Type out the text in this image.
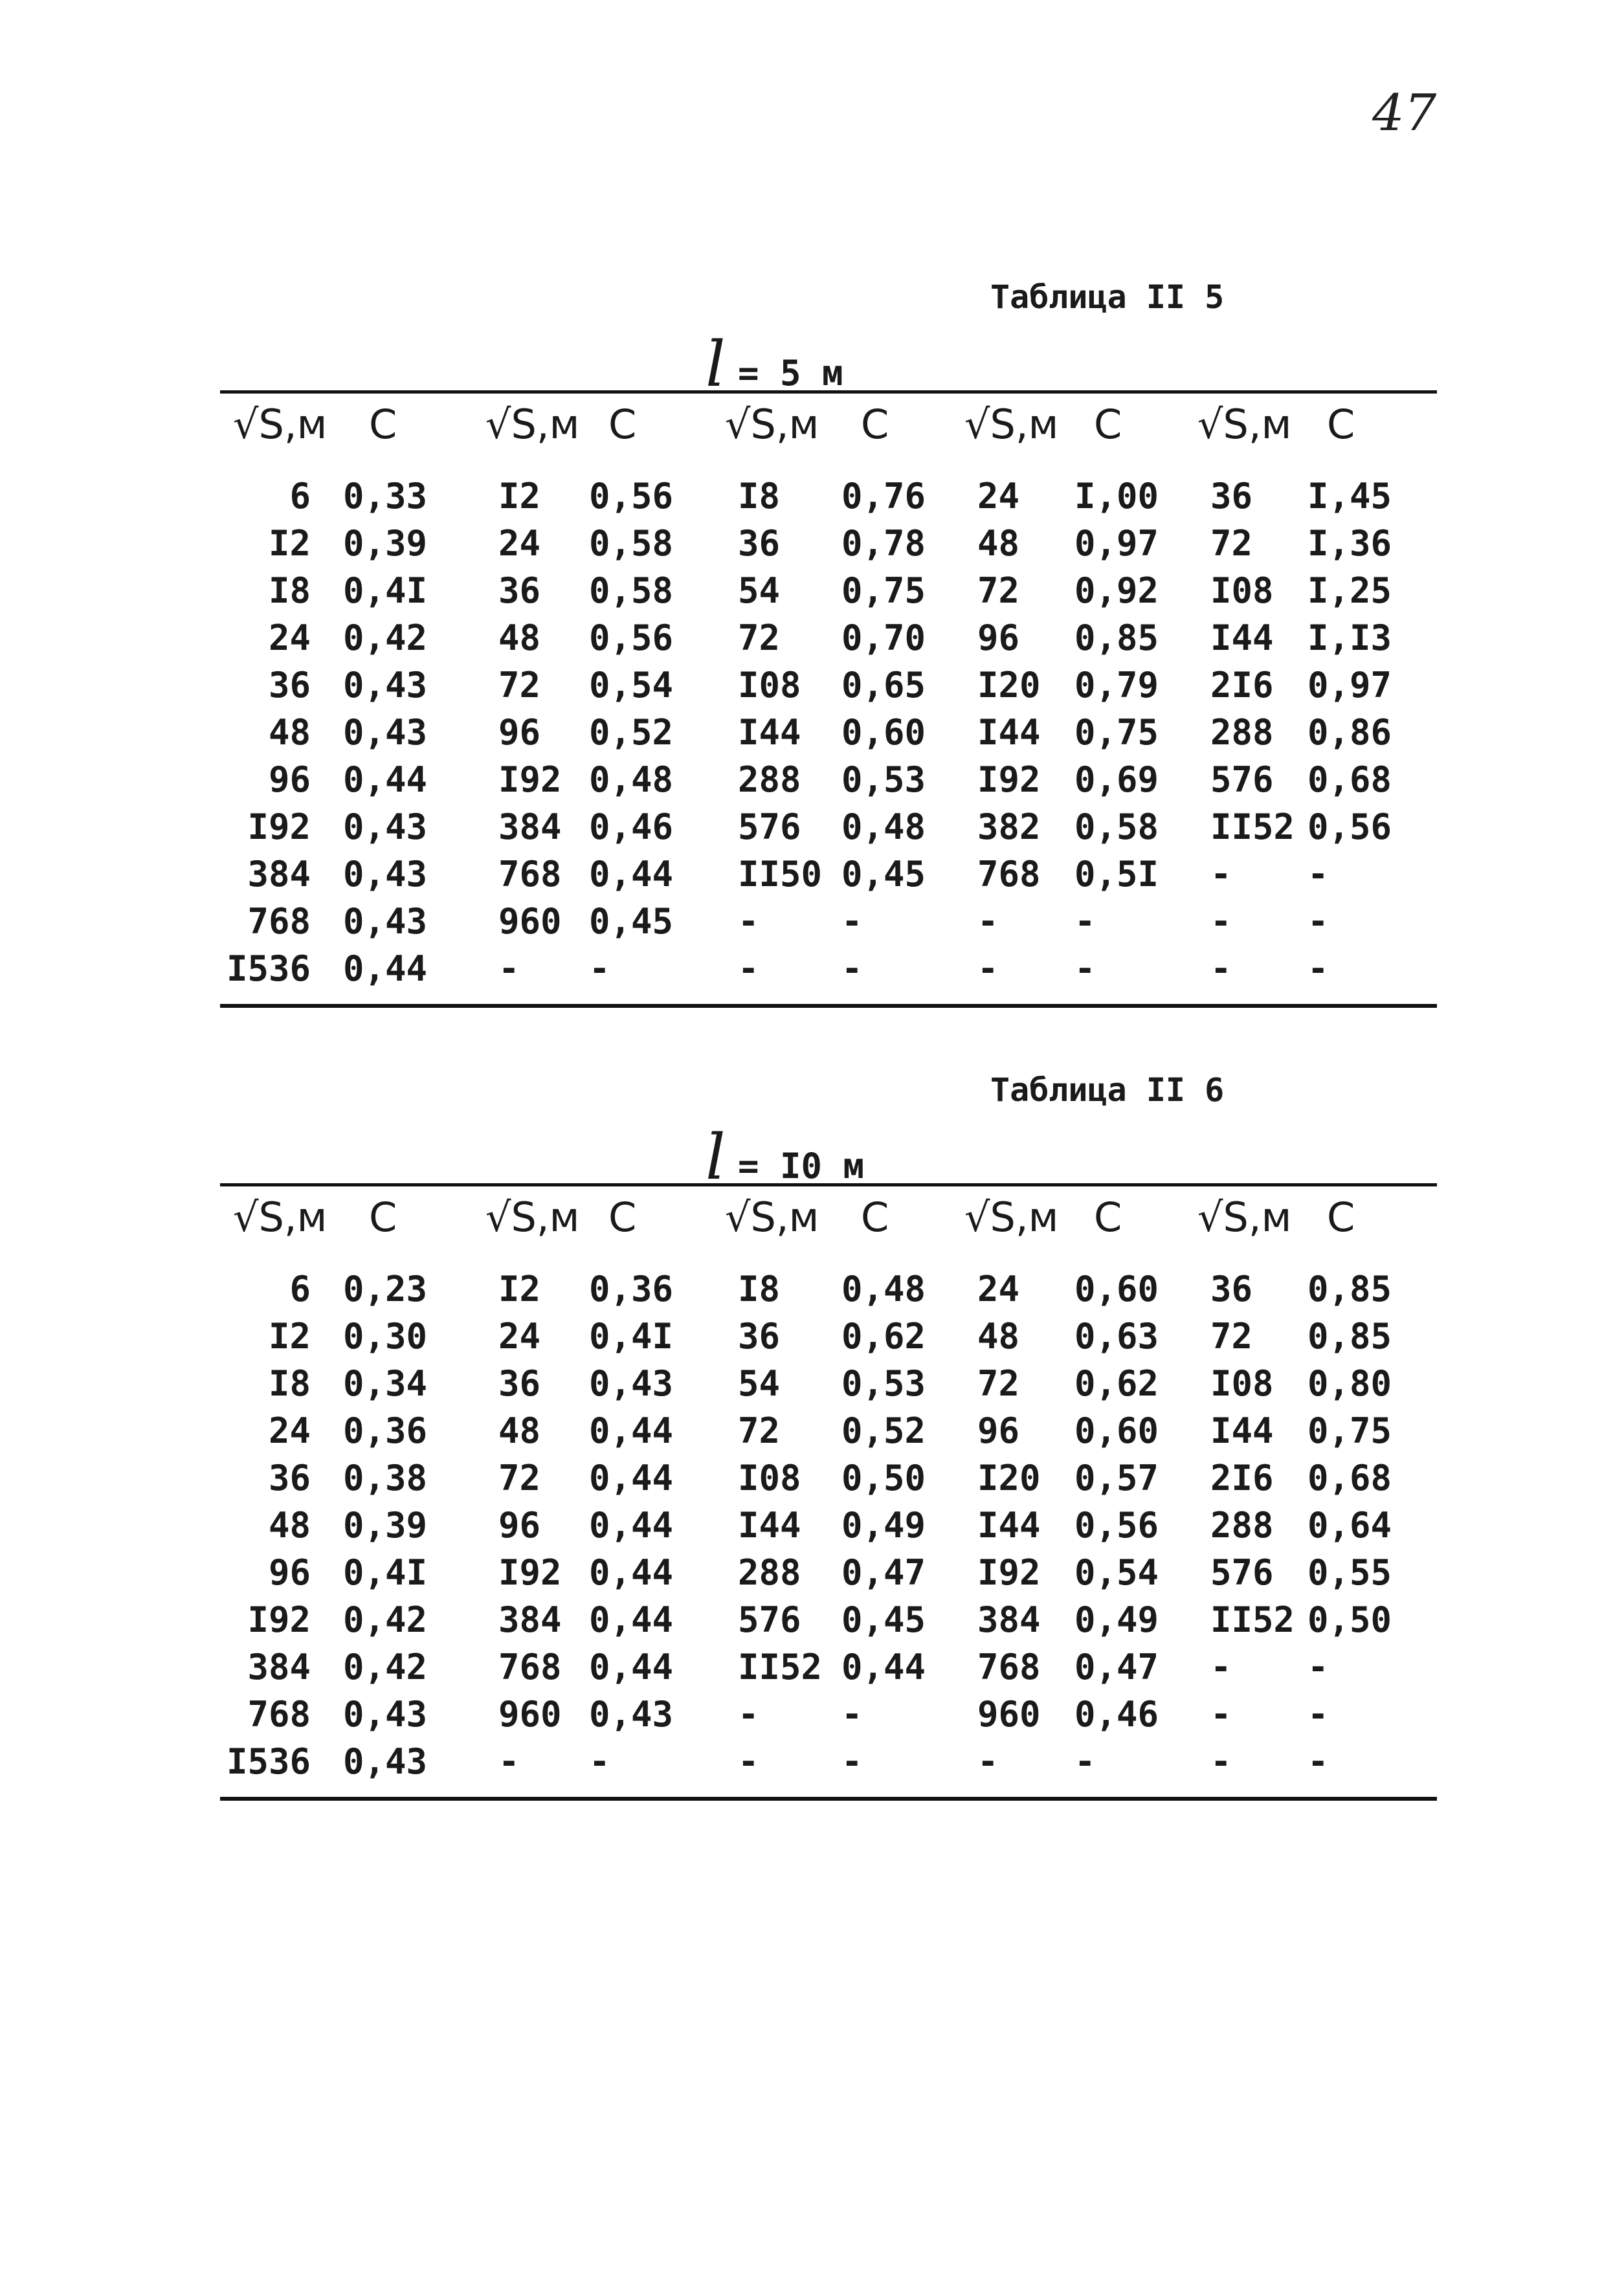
47
Таблица II 5
l = 5 м
√S,м	C	√S,м	C	√S,м	C	√S,м	C	√S,м	C
6	0,33	I2	0,56	I8	0,76	24	I,00	36	I,45
I2	0,39	24	0,58	36	0,78	48	0,97	72	I,36
I8	0,4I	36	0,58	54	0,75	72	0,92	I08	I,25
24	0,42	48	0,56	72	0,70	96	0,85	I44	I,I3
36	0,43	72	0,54	I08	0,65	I20	0,79	2I6	0,97
48	0,43	96	0,52	I44	0,60	I44	0,75	288	0,86
96	0,44	I92	0,48	288	0,53	I92	0,69	576	0,68
I92	0,43	384	0,46	576	0,48	382	0,58	II52	0,56
384	0,43	768	0,44	II50	0,45	768	0,5I	-	-
768	0,43	960	0,45	-	-	-	-	-	-
I536	0,44	-	-	-	-	-	-	-	-
Таблица II 6
l = I0 м
√S,м	C	√S,м	C	√S,м	C	√S,м	C	√S,м	C
6	0,23	I2	0,36	I8	0,48	24	0,60	36	0,85
I2	0,30	24	0,4I	36	0,62	48	0,63	72	0,85
I8	0,34	36	0,43	54	0,53	72	0,62	I08	0,80
24	0,36	48	0,44	72	0,52	96	0,60	I44	0,75
36	0,38	72	0,44	I08	0,50	I20	0,57	2I6	0,68
48	0,39	96	0,44	I44	0,49	I44	0,56	288	0,64
96	0,4I	I92	0,44	288	0,47	I92	0,54	576	0,55
I92	0,42	384	0,44	576	0,45	384	0,49	II52	0,50
384	0,42	768	0,44	II52	0,44	768	0,47	-	-
768	0,43	960	0,43	-	-	960	0,46	-	-
I536	0,43	-	-	-	-	-	-	-	-
